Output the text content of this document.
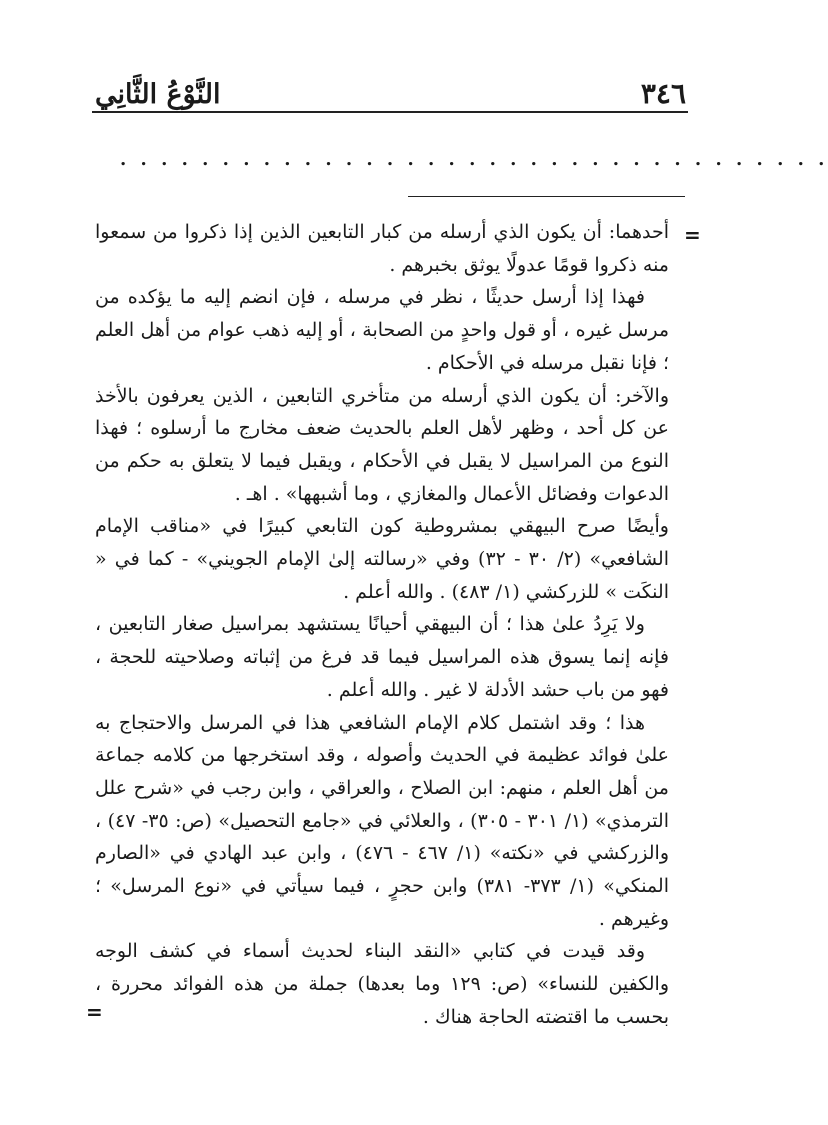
٣٤٦
النَّوْعُ الثَّانِي
. . . . . . . . . . . . . . . . . . . . . . . . . . . . . . . . . . .
=

أحدهما: أن يكون الذي أرسله من كبار التابعين الذين إذا ذكروا من سمعوا منه ذكروا قومًا عدولًا يوثق بخبرهم .

فهذا إذا أرسل حديثًا ، نظر في مرسله ، فإن انضم إليه ما يؤكده من مرسل غيره ، أو قول واحدٍ من الصحابة ، أو إليه ذهب عوام من أهل العلم ؛ فإنا نقبل مرسله في الأحكام .

والآخر: أن يكون الذي أرسله من متأخري التابعين ، الذين يعرفون بالأخذ عن كل أحد ، وظهر لأهل العلم بالحديث ضعف مخارج ما أرسلوه ؛ فهذا النوع من المراسيل لا يقبل في الأحكام ، ويقبل فيما لا يتعلق به حكم من الدعوات وفضائل الأعمال والمغازي ، وما أشبهها» . اهـ .

وأيضًا صرح البيهقي بمشروطية كون التابعي كبيرًا في «مناقب الإمام الشافعي» (٢/ ٣٠ - ٣٢) وفي «رسالته إلىٰ الإمام الجويني» - كما في « النكَت » للزركشي (١/ ٤٨٣) . والله أعلم .

ولا يَرِدُ علىٰ هذا ؛ أن البيهقي أحيانًا يستشهد بمراسيل صغار التابعين ، فإنه إنما يسوق هذه المراسيل فيما قد فرغ من إثباته وصلاحيته للحجة ، فهو من باب حشد الأدلة لا غير . والله أعلم .

هذا ؛ وقد اشتمل كلام الإمام الشافعي هذا في المرسل والاحتجاج به علىٰ فوائد عظيمة في الحديث وأصوله ، وقد استخرجها من كلامه جماعة من أهل العلم ، منهم: ابن الصلاح ، والعراقي ، وابن رجب في «شرح علل الترمذي» (١/ ٣٠١ - ٣٠٥) ، والعلائي في «جامع التحصيل» (ص: ٣٥- ٤٧) ، والزركشي في «نكته» (١/ ٤٦٧ - ٤٧٦) ، وابن عبد الهادي في «الصارم المنكي» (١/ ٣٧٣- ٣٨١) وابن حجرٍ ، فيما سيأتي في «نوع المرسل» ؛ وغيرهم .

وقد قيدت في كتابي «النقد البناء لحديث أسماء في كشف الوجه والكفين للنساء» (ص: ١٢٩ وما بعدها) جملة من هذه الفوائد محررة ، بحسب ما اقتضته الحاجة هناك .

=
